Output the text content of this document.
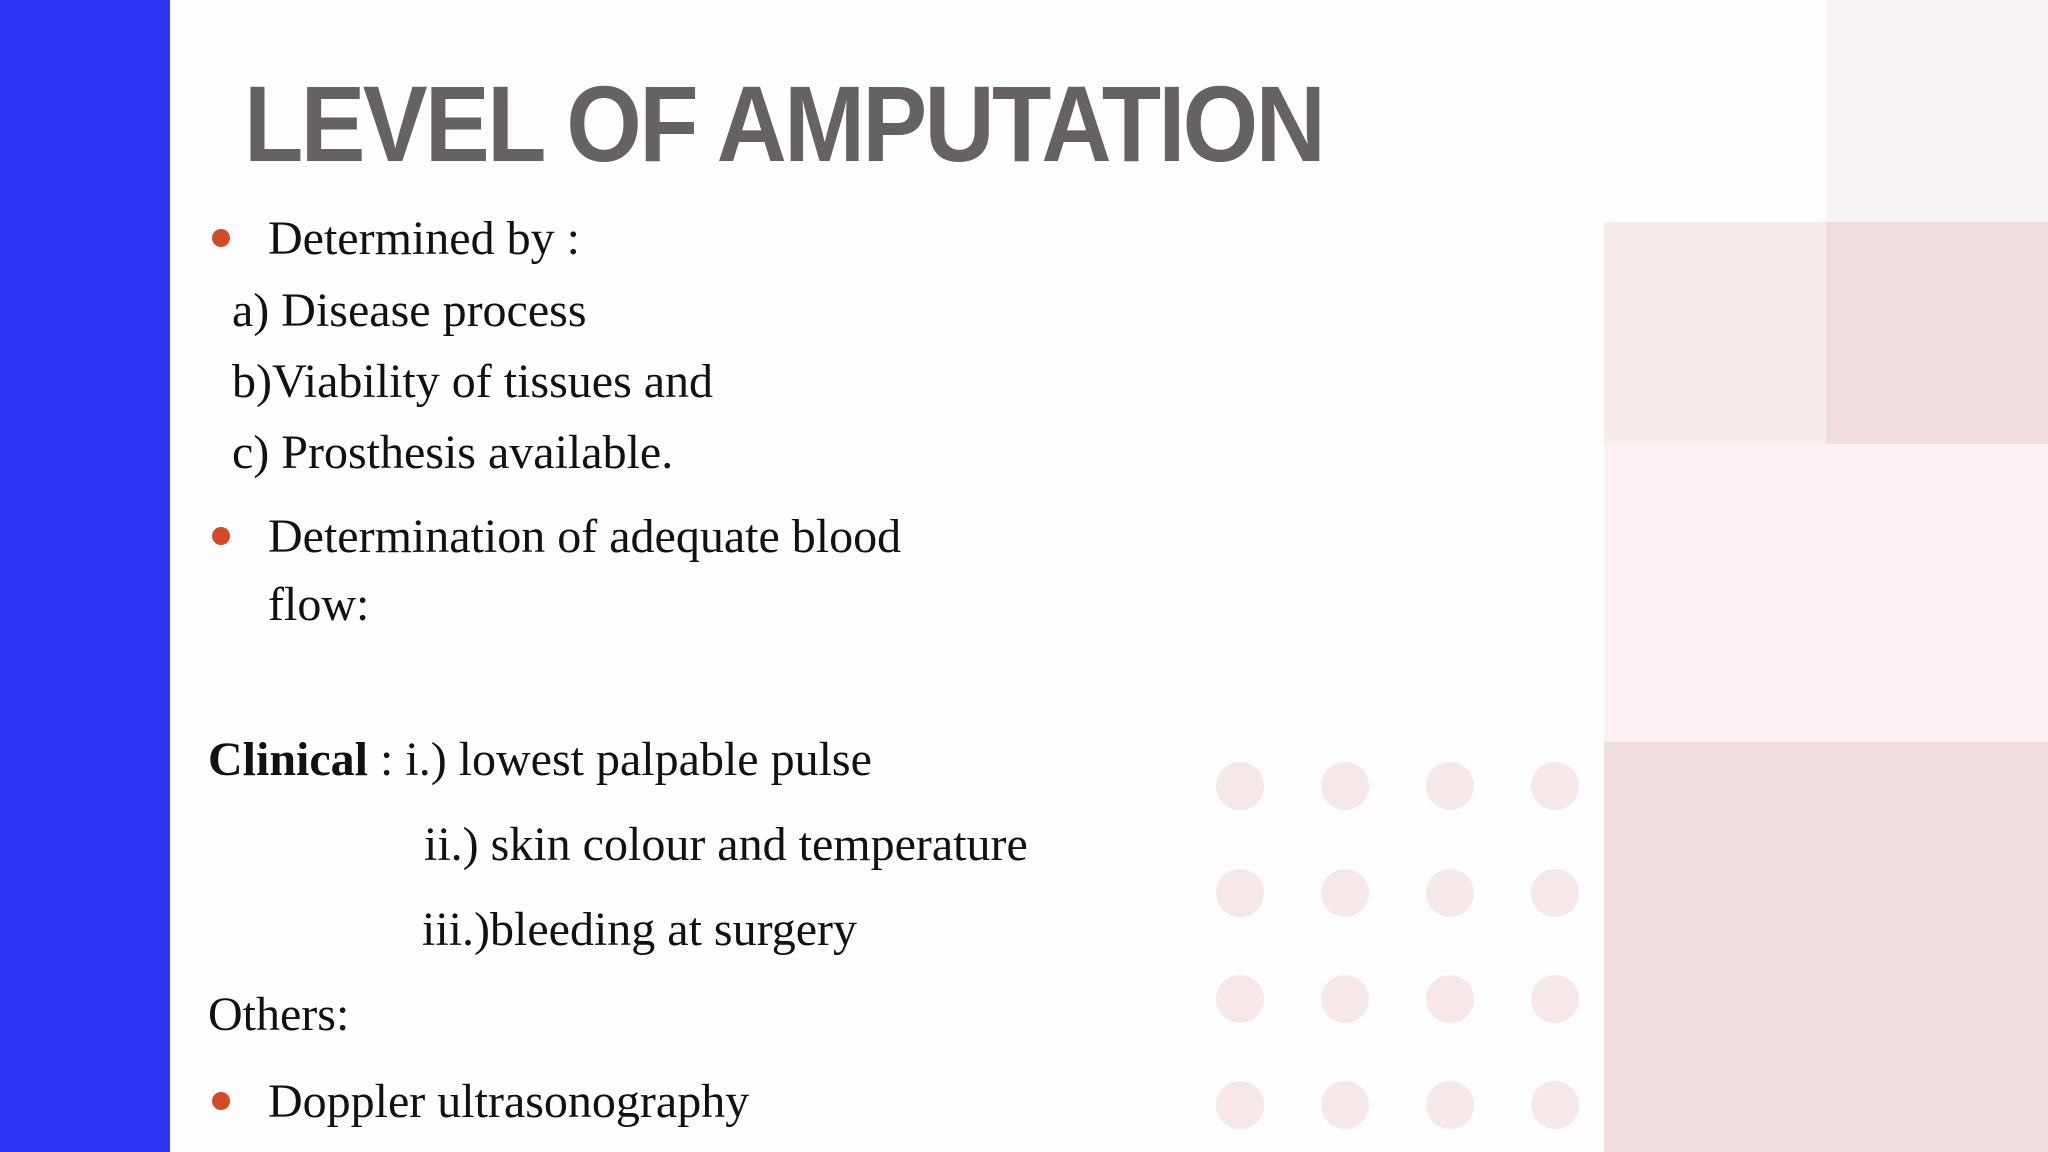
LEVEL OF AMPUTATION
Determined by :
a) Disease process
b)Viability of tissues and
c) Prosthesis available.
Determination of adequate blood
flow:
Clinical : i.) lowest palpable pulse
ii.) skin colour and temperature
iii.)bleeding at surgery
Others:
Doppler ultrasonography
